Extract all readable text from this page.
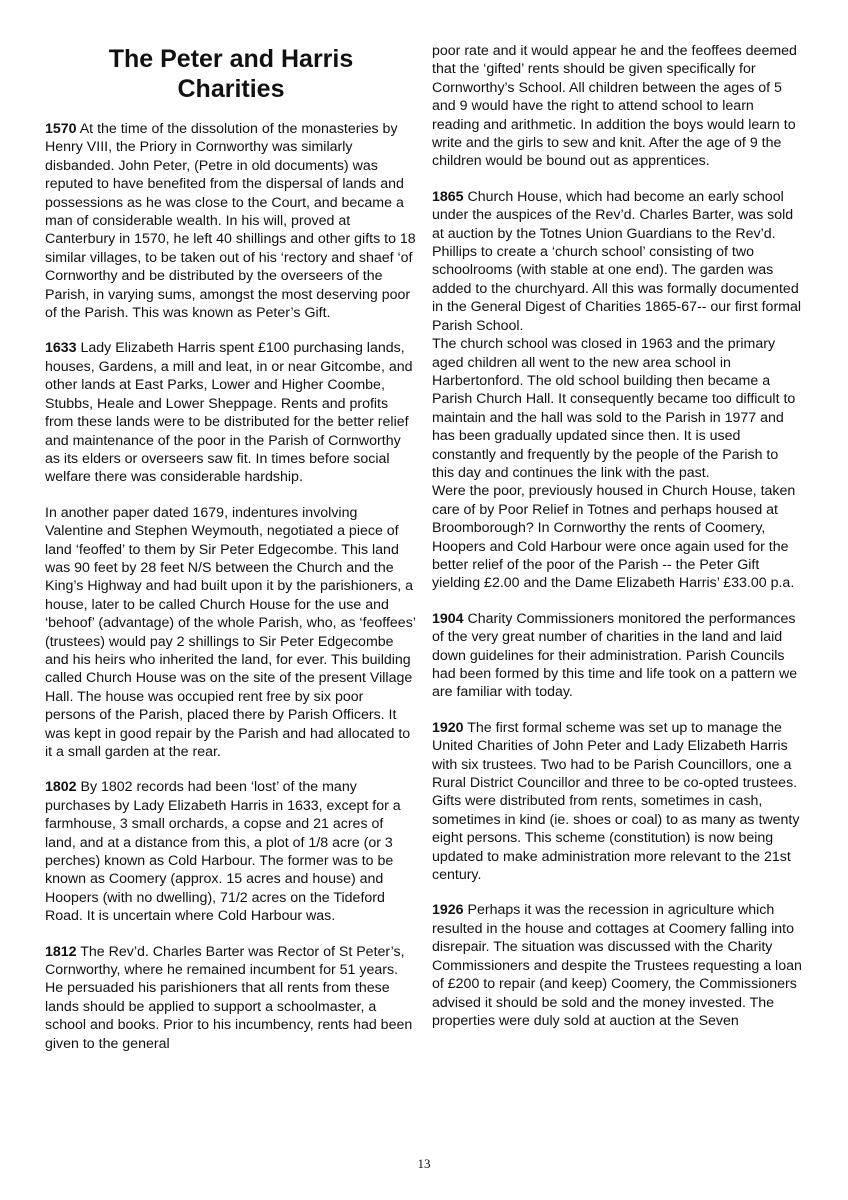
The Peter and Harris
Charities

1570 At the time of the dissolution of the monasteries by Henry VIII, the Priory in Cornworthy was similarly disbanded. John Peter, (Petre in old documents) was reputed to have benefited from the dispersal of lands and possessions as he was close to the Court, and became a man of considerable wealth. In his will, proved at Canterbury in 1570, he left 40 shillings and other gifts to 18 similar villages, to be taken out of his ‘rectory and shaef ‘of Cornworthy and be distributed by the overseers of the Parish, in varying sums, amongst the most deserving poor of the Parish. This was known as Peter’s Gift.

1633 Lady Elizabeth Harris spent £100 purchasing lands, houses, Gardens, a mill and leat, in or near Gitcombe, and other lands at East Parks, Lower and Higher Coombe, Stubbs, Heale and Lower Sheppage. Rents and profits from these lands were to be distributed for the better relief and maintenance of the poor in the Parish of Cornworthy as its elders or overseers saw fit. In times before social welfare there was considerable hardship.

In another paper dated 1679, indentures involving Valentine and Stephen Weymouth, negotiated a piece of land ‘feoffed’ to them by Sir Peter Edgecombe. This land was 90 feet by 28 feet N/S between the Church and the King’s Highway and had built upon it by the parishioners, a house, later to be called Church House for the use and ‘behoof’ (advantage) of the whole Parish, who, as ‘feoffees’ (trustees) would pay 2 shillings to Sir Peter Edgecombe and his heirs who inherited the land, for ever. This building called Church House was on the site of the present Village Hall. The house was occupied rent free by six poor persons of the Parish, placed there by Parish Officers. It was kept in good repair by the Parish and had allocated to it a small garden at the rear.

1802 By 1802 records had been ‘lost’ of the many purchases by Lady Elizabeth Harris in 1633, except for a farmhouse, 3 small orchards, a copse and 21 acres of land, and at a distance from this, a plot of 1/8 acre (or 3 perches) known as Cold Harbour. The former was to be known as Coomery (approx. 15 acres and house) and Hoopers (with no dwelling), 71/2 acres on the Tideford Road. It is uncertain where Cold Harbour was.

1812 The Rev’d. Charles Barter was Rector of St Peter’s, Cornworthy, where he remained incumbent for 51 years. He persuaded his parishioners that all rents from these lands should be applied to support a schoolmaster, a school and books. Prior to his incumbency, rents had been given to the general

poor rate and it would appear he and the feoffees deemed that the ‘gifted’ rents should be given specifically for Cornworthy’s School. All children between the ages of 5 and 9 would have the right to attend school to learn reading and arithmetic. In addition the boys would learn to write and the girls to sew and knit. After the age of 9 the children would be bound out as apprentices.

1865 Church House, which had become an early school under the auspices of the Rev’d. Charles Barter, was sold at auction by the Totnes Union Guardians to the Rev’d. Phillips to create a ‘church school’ consisting of two schoolrooms (with stable at one end). The garden was added to the churchyard. All this was formally documented in the General Digest of Charities 1865-67-- our first formal Parish School.

The church school was closed in 1963 and the primary aged children all went to the new area school in Harbertonford. The old school building then became a Parish Church Hall. It consequently became too difficult to maintain and the hall was sold to the Parish in 1977 and has been gradually updated since then. It is used constantly and frequently by the people of the Parish to this day and continues the link with the past.

Were the poor, previously housed in Church House, taken care of by Poor Relief in Totnes and perhaps housed at Broomborough? In Cornworthy the rents of Coomery, Hoopers and Cold Harbour were once again used for the better relief of the poor of the Parish -- the Peter Gift yielding £2.00 and the Dame Elizabeth Harris’ £33.00 p.a.

1904 Charity Commissioners monitored the performances of the very great number of charities in the land and laid down guidelines for their administration. Parish Councils had been formed by this time and life took on a pattern we are familiar with today.

1920 The first formal scheme was set up to manage the United Charities of John Peter and Lady Elizabeth Harris with six trustees. Two had to be Parish Councillors, one a Rural District Councillor and three to be co-opted trustees. Gifts were distributed from rents, sometimes in cash, sometimes in kind (ie. shoes or coal) to as many as twenty eight persons. This scheme (constitution) is now being updated to make administration more relevant to the 21st century.

1926 Perhaps it was the recession in agriculture which resulted in the house and cottages at Coomery falling into disrepair. The situation was discussed with the Charity Commissioners and despite the Trustees requesting a loan of £200 to repair (and keep) Coomery, the Commissioners advised it should be sold and the money invested. The properties were duly sold at auction at the Seven

13
